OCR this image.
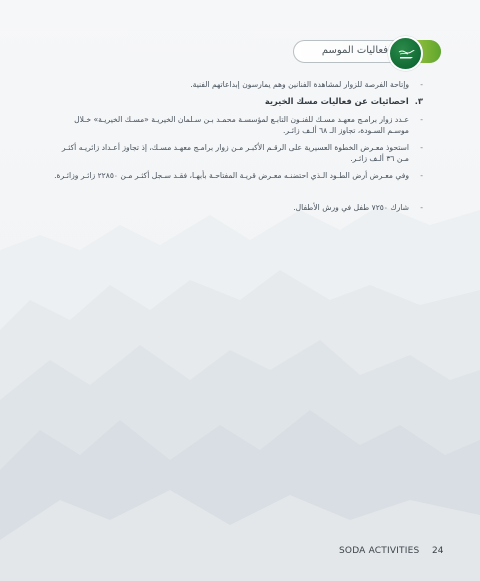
فعاليات الموسم
-
وإتاحة الفرصة للزوار لمشاهدة الفنانين وهم يمارسون إبداعاتهم الفنية.
٣.احصائيات عن فعاليات مسك الخيرية
-
عـدد زوار برامـج معهـد مسـك للفنـون التابـع لمؤسسـة محمـد بـن سـلمان الخيريـة «مسـك الخيريـة» خـلال موسـم السـودة، تجاوز الـ ٦٨ ألـف زائـر.
-
استحوذ معـرض الخطوة العسيرية على الرقـم الأكبـر مـن زوار برامـج معهـد مسـك، إذ تجاوز أعـداد زائريـه أكثـر مـن ٣٦ ألـف زائـر.
-
وفي معـرض أرض الطـود الـذي احتضنـه معـرض قريـة المفتاحـة بأبهـا، فقـد سـجل أكثـر مـن ٢٢٨٥٠ زائـر وزائـرة.
-
شارك ٧٢٥٠ طفل في ورش الأطفال.
SODA ACTIVITIES 24
